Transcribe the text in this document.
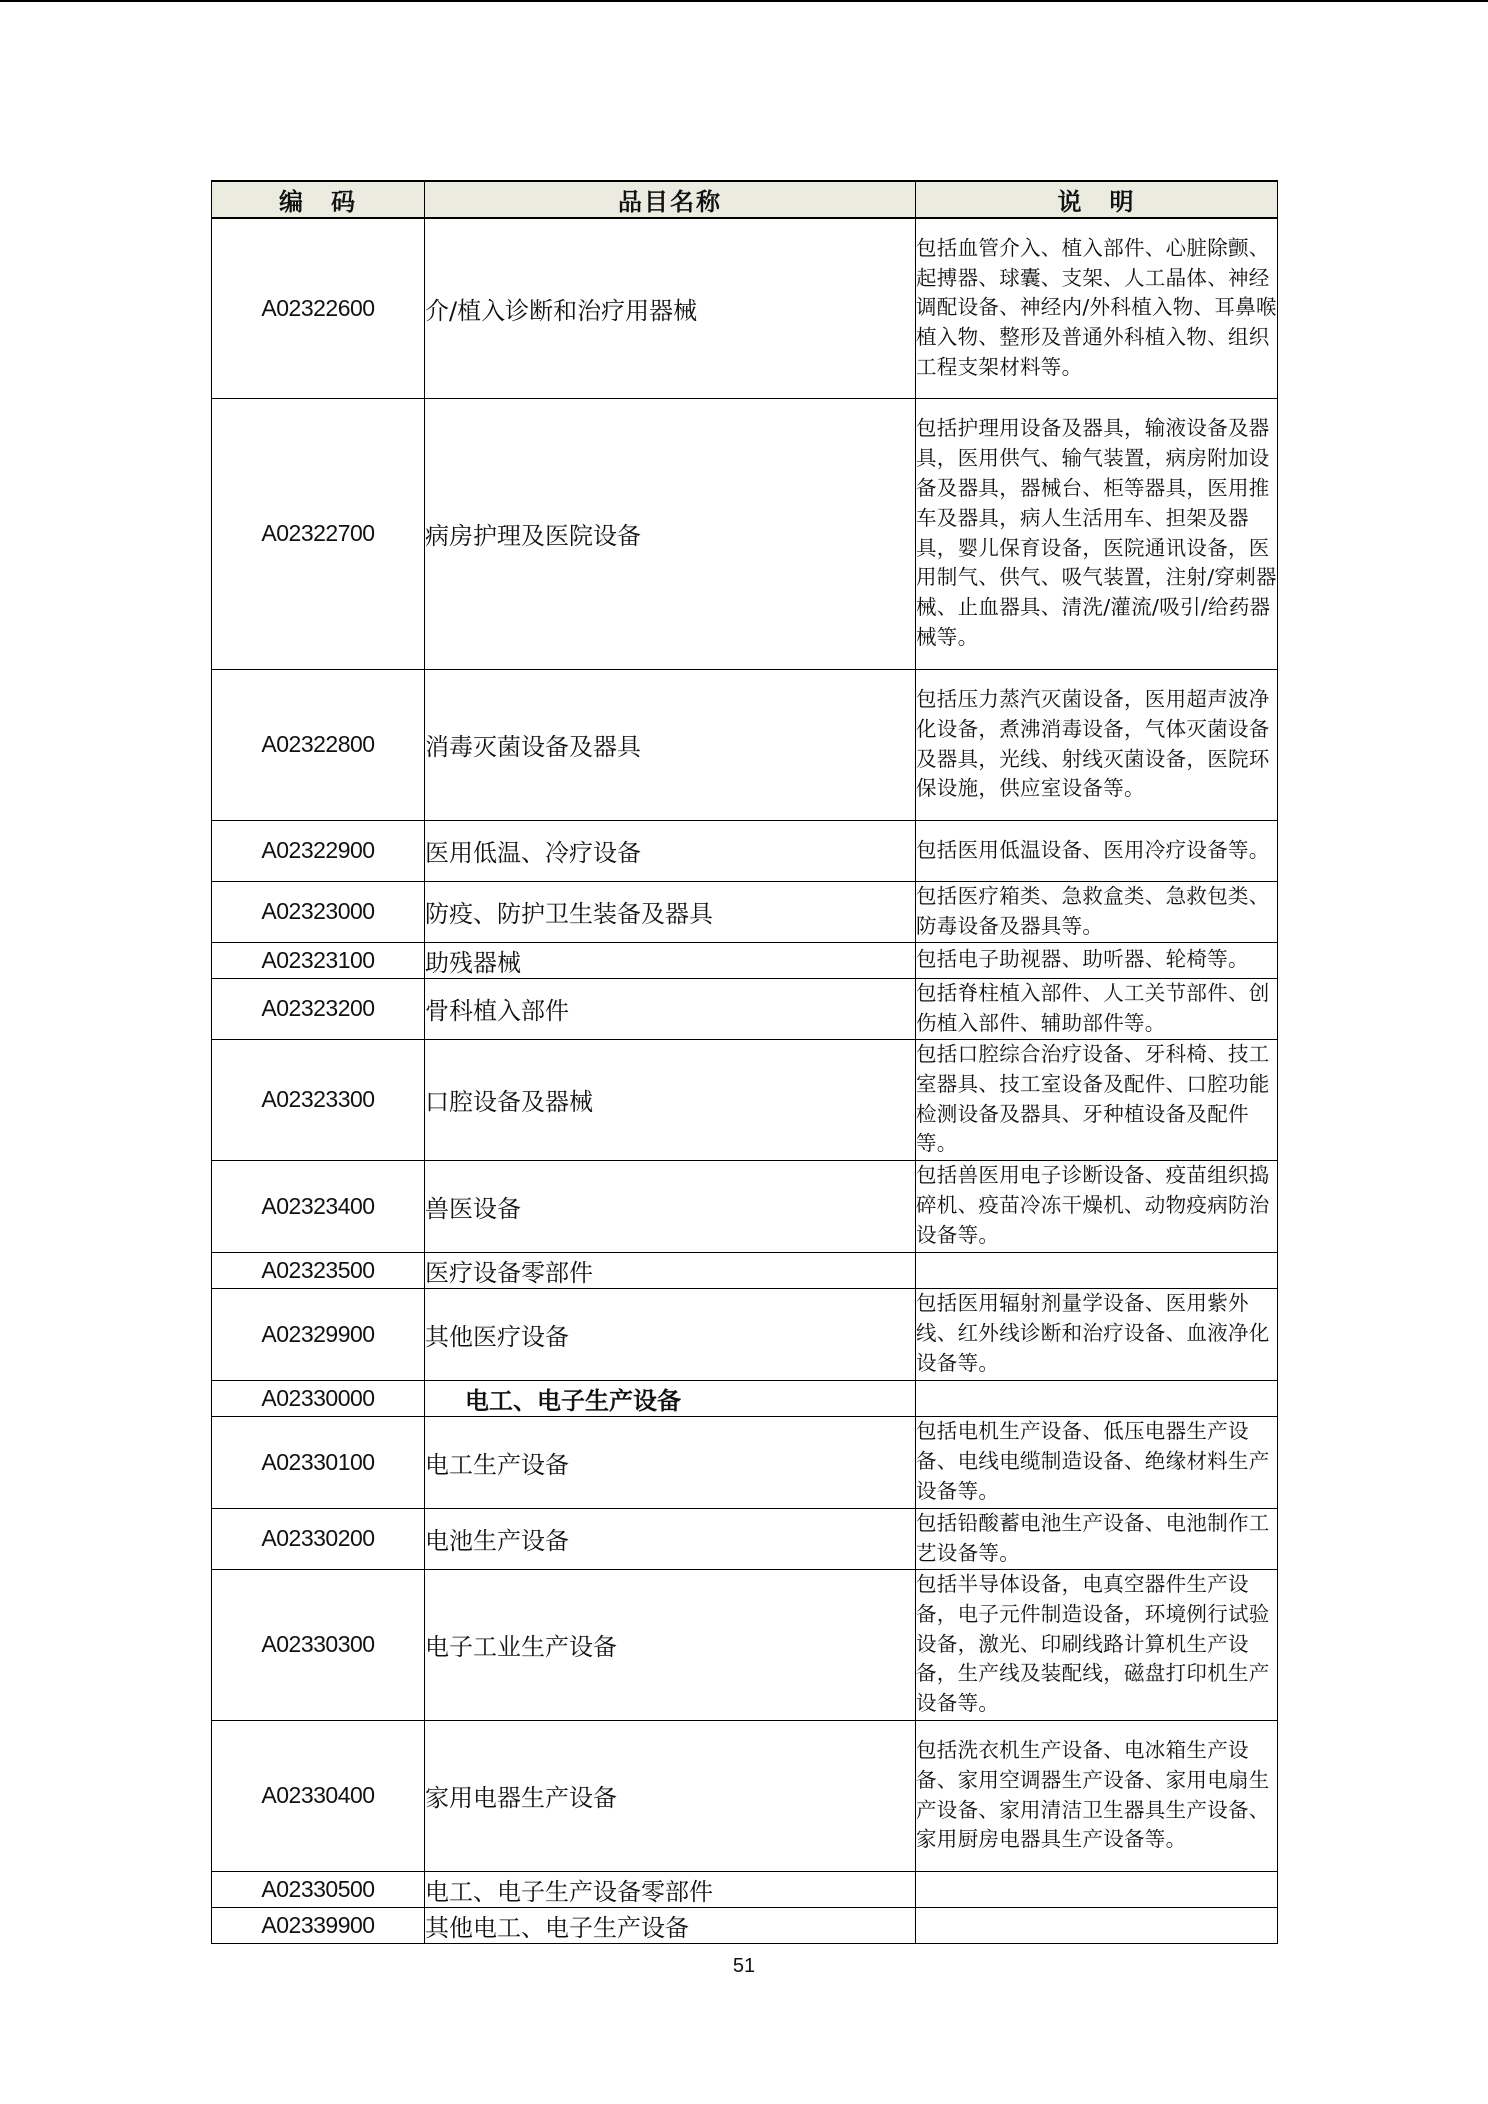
编　码	品目名称	说　明
A02322600	介/植入诊断和治疗用器械	包括血管介入、植入部件、心脏除颤、起搏器、球囊、支架、人工晶体、神经调配设备、神经内/外科植入物、耳鼻喉植入物、整形及普通外科植入物、组织工程支架材料等。
A02322700	病房护理及医院设备	包括护理用设备及器具，输液设备及器具，医用供气、输气装置，病房附加设备及器具，器械台、柜等器具，医用推车及器具，病人生活用车、担架及器具，婴儿保育设备，医院通讯设备，医用制气、供气、吸气装置，注射/穿刺器械、止血器具、清洗/灌流/吸引/给药器械等。
A02322800	消毒灭菌设备及器具	包括压力蒸汽灭菌设备，医用超声波净化设备，煮沸消毒设备，气体灭菌设备及器具，光线、射线灭菌设备，医院环保设施，供应室设备等。
A02322900	医用低温、冷疗设备	包括医用低温设备、医用冷疗设备等。
A02323000	防疫、防护卫生装备及器具	包括医疗箱类、急救盒类、急救包类、防毒设备及器具等。
A02323100	助残器械	包括电子助视器、助听器、轮椅等。
A02323200	骨科植入部件	包括脊柱植入部件、人工关节部件、创伤植入部件、辅助部件等。
A02323300	口腔设备及器械	包括口腔综合治疗设备、牙科椅、技工室器具、技工室设备及配件、口腔功能检测设备及器具、牙种植设备及配件等。
A02323400	兽医设备	包括兽医用电子诊断设备、疫苗组织捣碎机、疫苗冷冻干燥机、动物疫病防治设备等。
A02323500	医疗设备零部件	
A02329900	其他医疗设备	包括医用辐射剂量学设备、医用紫外线、红外线诊断和治疗设备、血液净化设备等。
A02330000	电工、电子生产设备	
A02330100	电工生产设备	包括电机生产设备、低压电器生产设备、电线电缆制造设备、绝缘材料生产设备等。
A02330200	电池生产设备	包括铅酸蓄电池生产设备、电池制作工艺设备等。
A02330300	电子工业生产设备	包括半导体设备，电真空器件生产设备，电子元件制造设备，环境例行试验设备，激光、印刷线路计算机生产设备，生产线及装配线，磁盘打印机生产设备等。
A02330400	家用电器生产设备	包括洗衣机生产设备、电冰箱生产设备、家用空调器生产设备、家用电扇生产设备、家用清洁卫生器具生产设备、家用厨房电器具生产设备等。
A02330500	电工、电子生产设备零部件	
A02339900	其他电工、电子生产设备	
51
